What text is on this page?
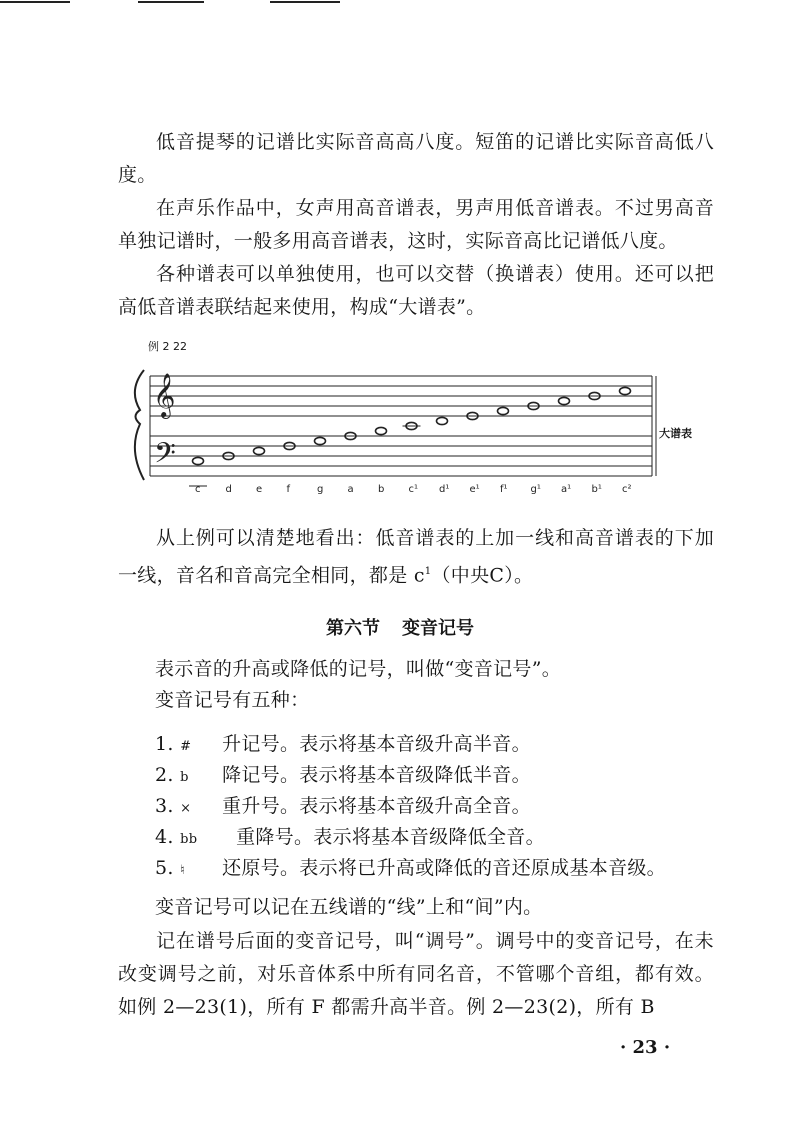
低音提琴的记谱比实际音高高八度。短笛的记谱比实际音高低八度。

在声乐作品中，女声用高音谱表，男声用低音谱表。不过男高音单独记谱时，一般多用高音谱表，这时，实际音高比记谱低八度。

各种谱表可以单独使用，也可以交替（换谱表）使用。还可以把高低音谱表联结起来使用，构成“大谱表”。

例 2 22
大谱表
𝄞
𝄢
c	d e f	g a b c¹ d¹ e¹ f¹ g¹ a¹ b¹ c²

从上例可以清楚地看出：低音谱表的上加一线和高音谱表的下加一线，音名和音高完全相同，都是 $c^1$（中央C）。

第六节 变音记号
表示音的升高或降低的记号，叫做“变音记号”。
变音记号有五种：
1. # 升记号。表示将基本音级升高半音。
2. b 降记号。表示将基本音级降低半音。
3. × 重升号。表示将基本音级升高全音。
4. bb 重降号。表示将基本音级降低全音。
5. ♮ 还原号。表示将已升高或降低的音还原成基本音级。
变音记号可以记在五线谱的“线”上和“间”内。

记在谱号后面的变音记号，叫“调号”。调号中的变音记号，在未改变调号之前，对乐音体系中所有同名音，不管哪个音组，都有效。如例 2—23(1)，所有 F 都需升高半音。例 2—23(2)，所有 B

· 23 ·
